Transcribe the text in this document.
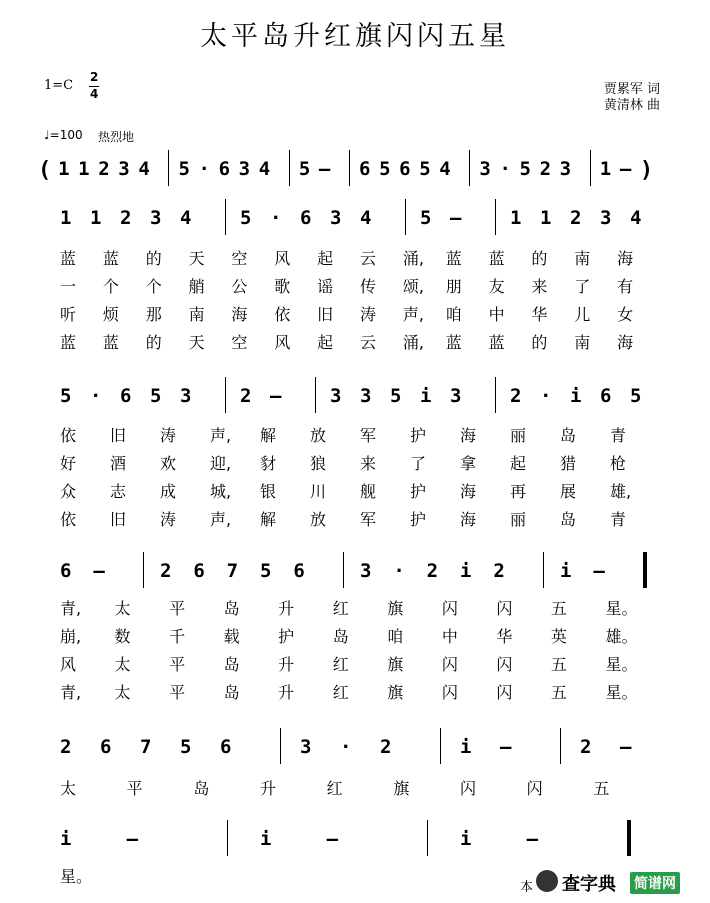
太平岛升红旗闪闪五星
1=C
2
4	贾累军 词
黄清林 曲
♩=100 热烈地
( 1 1 2 3 4 5 · 6 3 4 5 – 6 5 6 5 4 3 · 5 2 3 1 – )
1 1 2 3 4	5 · 6 3 4	5 –	1 1 2 3 4
蓝 蓝 的 天 空 风 起 云 涌, 蓝 蓝 的 南 海
一 个 个 艄 公 歌 谣 传 颂, 朋 友 来 了 有
听 烦 那 南 海 依 旧 涛 声, 咱 中 华 儿 女
蓝 蓝 的 天 空 风 起 云 涌, 蓝 蓝 的 南 海
5 · 6 5 3	2 –	3 3 5 i 3	2 · i 6 5
依 旧 涛 声, 解 放 军 护 海 丽 岛 青
好 酒 欢 迎, 豺 狼 来 了 拿 起 猎 枪
众 志 成 城, 银 川 舰 护 海 再 展 雄,
依 旧 涛 声, 解 放 军 护 海 丽 岛 青
6 –	2 6 7 5 6	3 · 2 i 2	i –
青, 太 平 岛 升 红 旗 闪 闪 五 星。
崩, 数 千 载 护 岛 咱 中 华 英 雄。
风 太 平 岛 升 红 旗 闪 闪 五 星。
青, 太 平 岛 升 红 旗 闪 闪 五 星。
2 6 7 5 6	3 · 2	i –	2 –
太	平	岛	升	红	旗	闪	闪	五
i	–	i	–	i	–
星。
本 查字典 简谱网
